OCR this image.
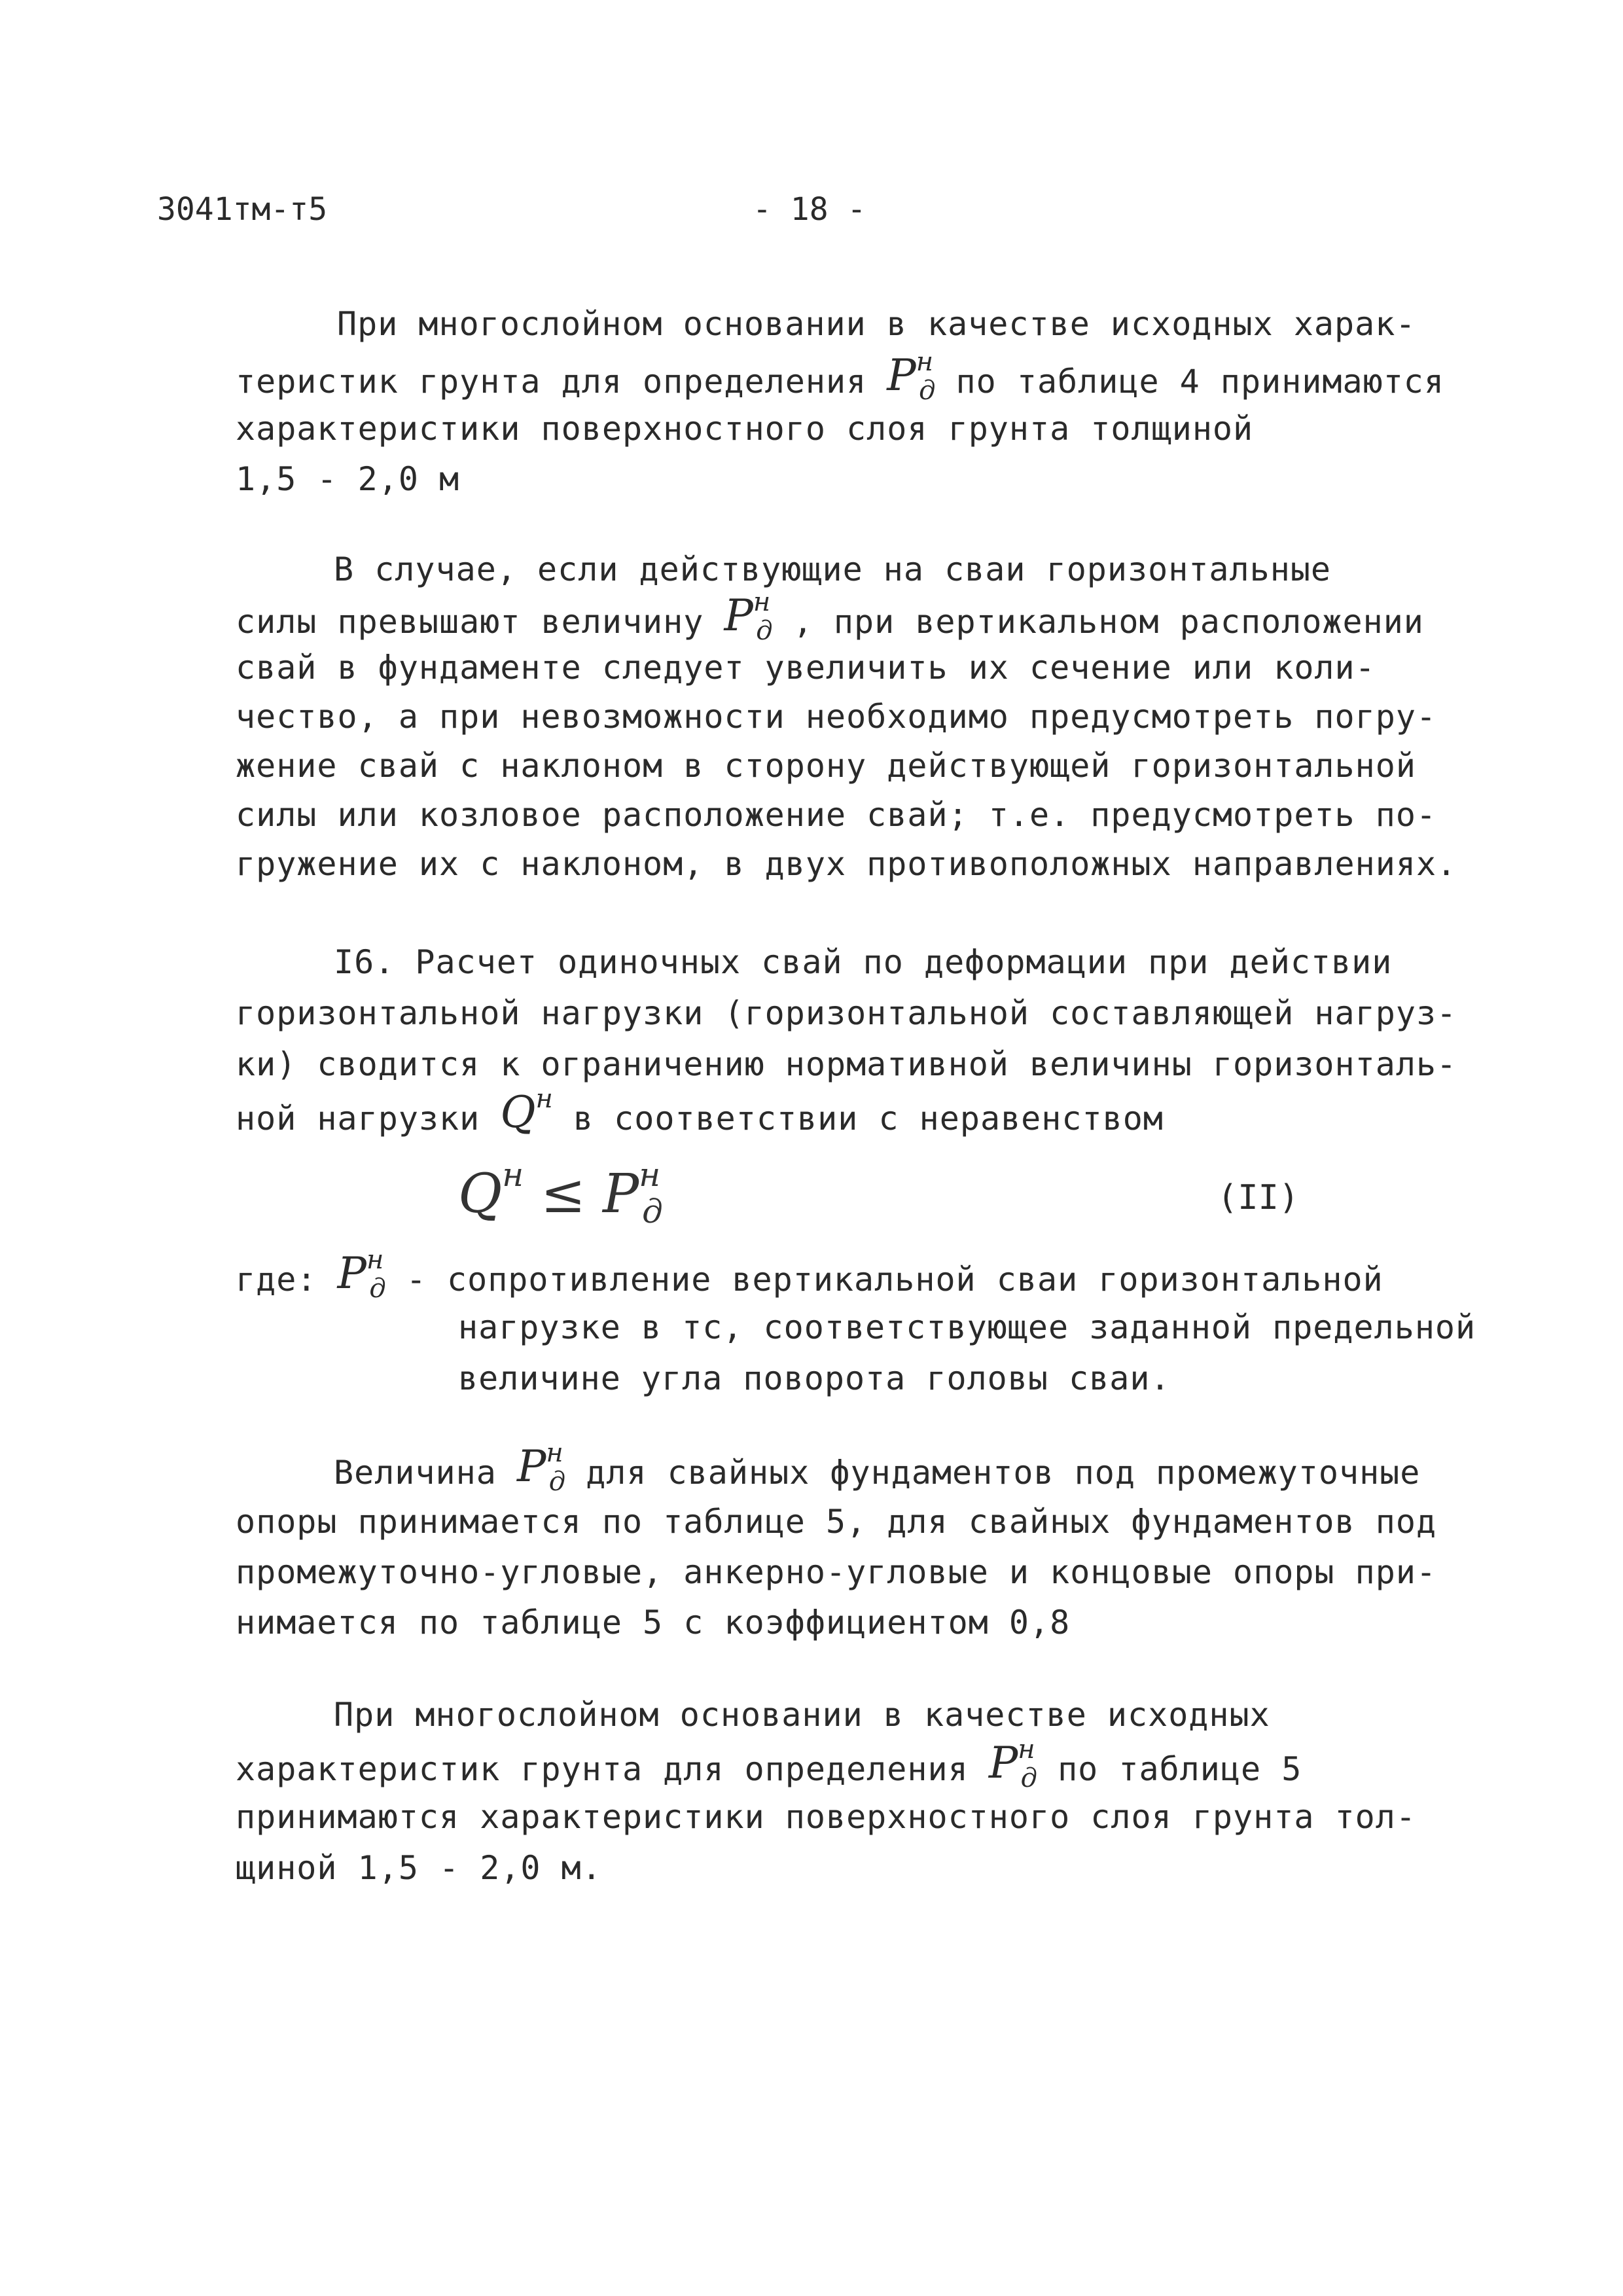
3041тм-т5	- 18 -
При многослойном основании в качестве исходных харак-
теристик грунта для определения $P^н_д$ по таблице 4 принимаются
характеристики поверхностного слоя грунта толщиной
1,5 - 2,0 м
В случае, если действующие на сваи горизонтальные
силы превышают величину $P^н_д$ , при вертикальном расположении
свай в фундаменте следует увеличить их сечение или коли-
чество, а при невозможности необходимо предусмотреть погру-
жение свай с наклоном в сторону действующей горизонтальной
силы или козловое расположение свай; т.е. предусмотреть по-
гружение их с наклоном, в двух противоположных направлениях.
I6. Расчет одиночных свай по деформации при действии
горизонтальной нагрузки (горизонтальной составляющей нагруз-
ки) сводится к ограничению нормативной величины горизонталь-
ной нагрузки $Q^н$ в соответствии с неравенством
$Q^н \le P^н_д$	(II)
где: $P^н_д$ - сопротивление вертикальной сваи горизонтальной
нагрузке в тс, соответствующее заданной предельной
величине угла поворота головы сваи.
Величина $P^н_д$ для свайных фундаментов под промежуточные
опоры принимается по таблице 5, для свайных фундаментов под
промежуточно-угловые, анкерно-угловые и концовые опоры при-
нимается по таблице 5 с коэффициентом 0,8
При многослойном основании в качестве исходных
характеристик грунта для определения $P^н_д$ по таблице 5
принимаются характеристики поверхностного слоя грунта тол-
щиной 1,5 - 2,0 м.
